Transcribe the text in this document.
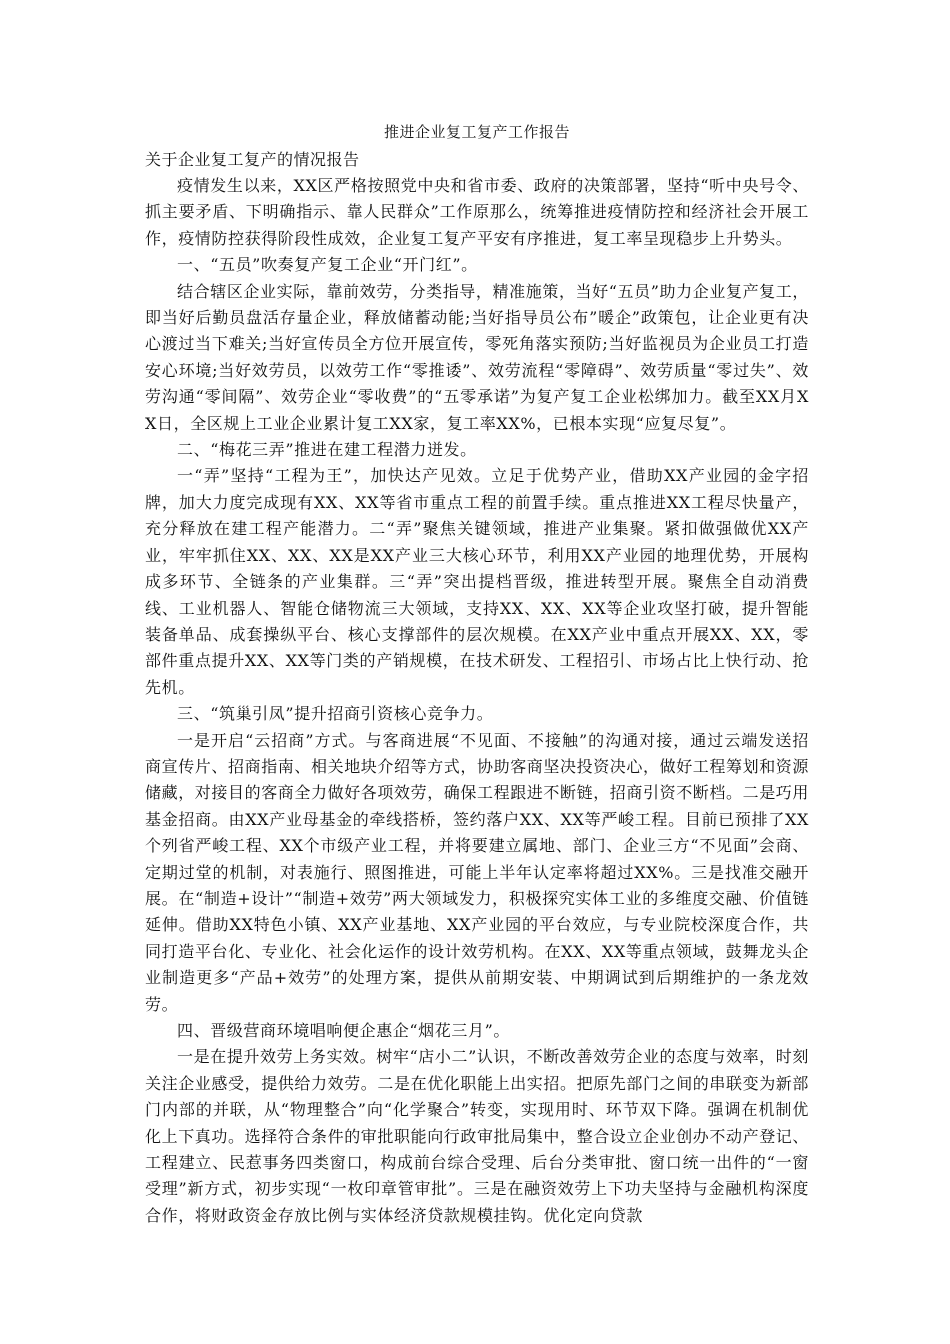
推进企业复工复产工作报告
关于企业复工复产的情况报告

疫情发生以来，XX区严格按照党中央和省市委、政府的决策部署，坚持“听中央号令、抓主要矛盾、下明确指示、靠人民群众”工作原那么，统筹推进疫情防控和经济社会开展工作，疫情防控获得阶段性成效，企业复工复产平安有序推进，复工率呈现稳步上升势头。

一、“五员”吹奏复产复工企业“开门红”。

结合辖区企业实际，靠前效劳，分类指导，精准施策，当好“五员”助力企业复产复工，即当好后勤员盘活存量企业，释放储蓄动能;当好指导员公布”暖企”政策包，让企业更有决心渡过当下难关;当好宣传员全方位开展宣传，零死角落实预防;当好监视员为企业员工打造安心环境;当好效劳员，以效劳工作“零推诿”、效劳流程“零障碍”、效劳质量“零过失”、效劳沟通“零间隔”、效劳企业“零收费”的“五零承诺”为复产复工企业松绑加力。截至XX月XX日，全区规上工业企业累计复工XX家，复工率XX%，已根本实现“应复尽复”。

二、“梅花三弄”推进在建工程潜力迸发。

一“弄”坚持“工程为王”，加快达产见效。立足于优势产业，借助XX产业园的金字招牌，加大力度完成现有XX、XX等省市重点工程的前置手续。重点推进XX工程尽快量产，充分释放在建工程产能潜力。二“弄”聚焦关键领域，推进产业集聚。紧扣做强做优XX产业，牢牢抓住XX、XX、XX是XX产业三大核心环节，利用XX产业园的地理优势，开展构成多环节、全链条的产业集群。三“弄”突出提档晋级，推进转型开展。聚焦全自动消费线、工业机器人、智能仓储物流三大领域，支持XX、XX、XX等企业攻坚打破，提升智能装备单品、成套操纵平台、核心支撑部件的层次规模。在XX产业中重点开展XX、XX，零部件重点提升XX、XX等门类的产销规模，在技术研发、工程招引、市场占比上快行动、抢先机。

三、“筑巢引凤”提升招商引资核心竞争力。

一是开启“云招商”方式。与客商进展“不见面、不接触”的沟通对接，通过云端发送招商宣传片、招商指南、相关地块介绍等方式，协助客商坚决投资决心，做好工程筹划和资源储藏，对接目的客商全力做好各项效劳，确保工程跟进不断链，招商引资不断档。二是巧用基金招商。由XX产业母基金的牵线搭桥，签约落户XX、XX等严峻工程。目前已预排了XX个列省严峻工程、XX个市级产业工程，并将要建立属地、部门、企业三方“不见面”会商、定期过堂的机制，对表施行、照图推进，可能上半年认定率将超过XX%。三是找准交融开展。在“制造+设计”“制造+效劳”两大领域发力，积极探究实体工业的多维度交融、价值链延伸。借助XX特色小镇、XX产业基地、XX产业园的平台效应，与专业院校深度合作，共同打造平台化、专业化、社会化运作的设计效劳机构。在XX、XX等重点领域，鼓舞龙头企业制造更多“产品+效劳”的处理方案，提供从前期安装、中期调试到后期维护的一条龙效劳。

四、晋级营商环境唱响便企惠企“烟花三月”。

一是在提升效劳上务实效。树牢“店小二”认识，不断改善效劳企业的态度与效率，时刻关注企业感受，提供给力效劳。二是在优化职能上出实招。把原先部门之间的串联变为新部门内部的并联，从“物理整合”向“化学聚合”转变，实现用时、环节双下降。强调在机制优化上下真功。选择符合条件的审批职能向行政审批局集中，整合设立企业创办不动产登记、工程建立、民惹事务四类窗口，构成前台综合受理、后台分类审批、窗口统一出件的“一窗受理”新方式，初步实现“一枚印章管审批”。三是在融资效劳上下功夫坚持与金融机构深度合作，将财政资金存放比例与实体经济贷款规模挂钩。优化定向贷款
